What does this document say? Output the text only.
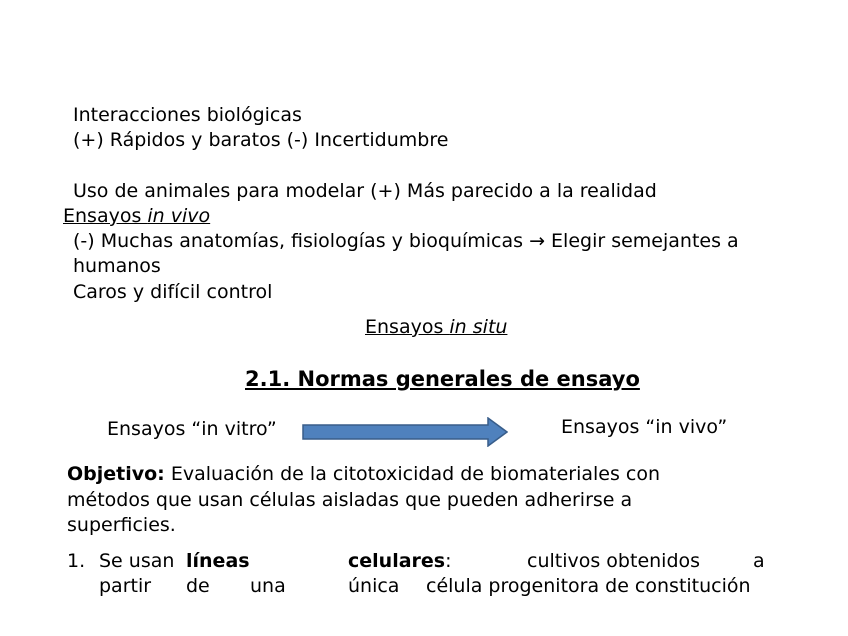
Interacciones biológicas
(+) Rápidos y baratos (-) Incertidumbre
Uso de animales para modelar (+) Más parecido a la realidad
Ensayos in vivo
(-) Muchas anatomías, fisiologías y bioquímicas → Elegir semejantes a
humanos
Caros y difícil control
Ensayos in situ
2.1. Normas generales de ensayo
Ensayos “in vitro”	Ensayos “in vivo”
Objetivo: Evaluación de la citotoxicidad de biomateriales con
métodos que usan células aisladas que pueden adherirse a
superficies.
1. Se usan líneas	celulares:	cultivos obtenidos	a
partir de una	única célula progenitora de constitución
